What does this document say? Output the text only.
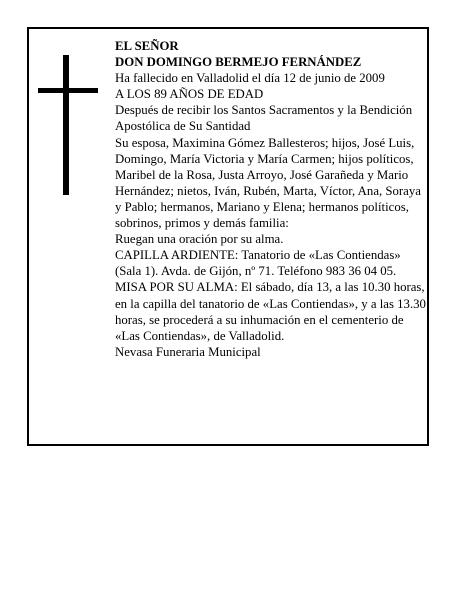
EL SEÑOR

DON DOMINGO BERMEJO FERNÁNDEZ

Ha fallecido en Valladolid el día 12 de junio de 2009

A LOS 89 AÑOS DE EDAD

Después de recibir los Santos Sacramentos y la Bendición Apostólica de Su Santidad

Su esposa, Maximina Gómez Ballesteros; hijos, José Luis, Domingo, María Victoria y María Carmen; hijos políticos, Maribel de la Rosa, Justa Arroyo, José Garañeda y Mario Hernández; nietos, Iván, Rubén, Marta, Víctor, Ana, Soraya y Pablo; hermanos, Mariano y Elena; hermanos políticos, sobrinos, primos y demás familia:

Ruegan una oración por su alma.

CAPILLA ARDIENTE: Tanatorio de «Las Contiendas» (Sala 1). Avda. de Gijón, nº 71. Teléfono 983 36 04 05.

MISA POR SU ALMA: El sábado, día 13, a las 10.30 horas, en la capilla del tanatorio de «Las Contiendas», y a las 13.30 horas, se procederá a su inhumación en el cementerio de «Las Contiendas», de Valladolid.

Nevasa Funeraria Municipal
